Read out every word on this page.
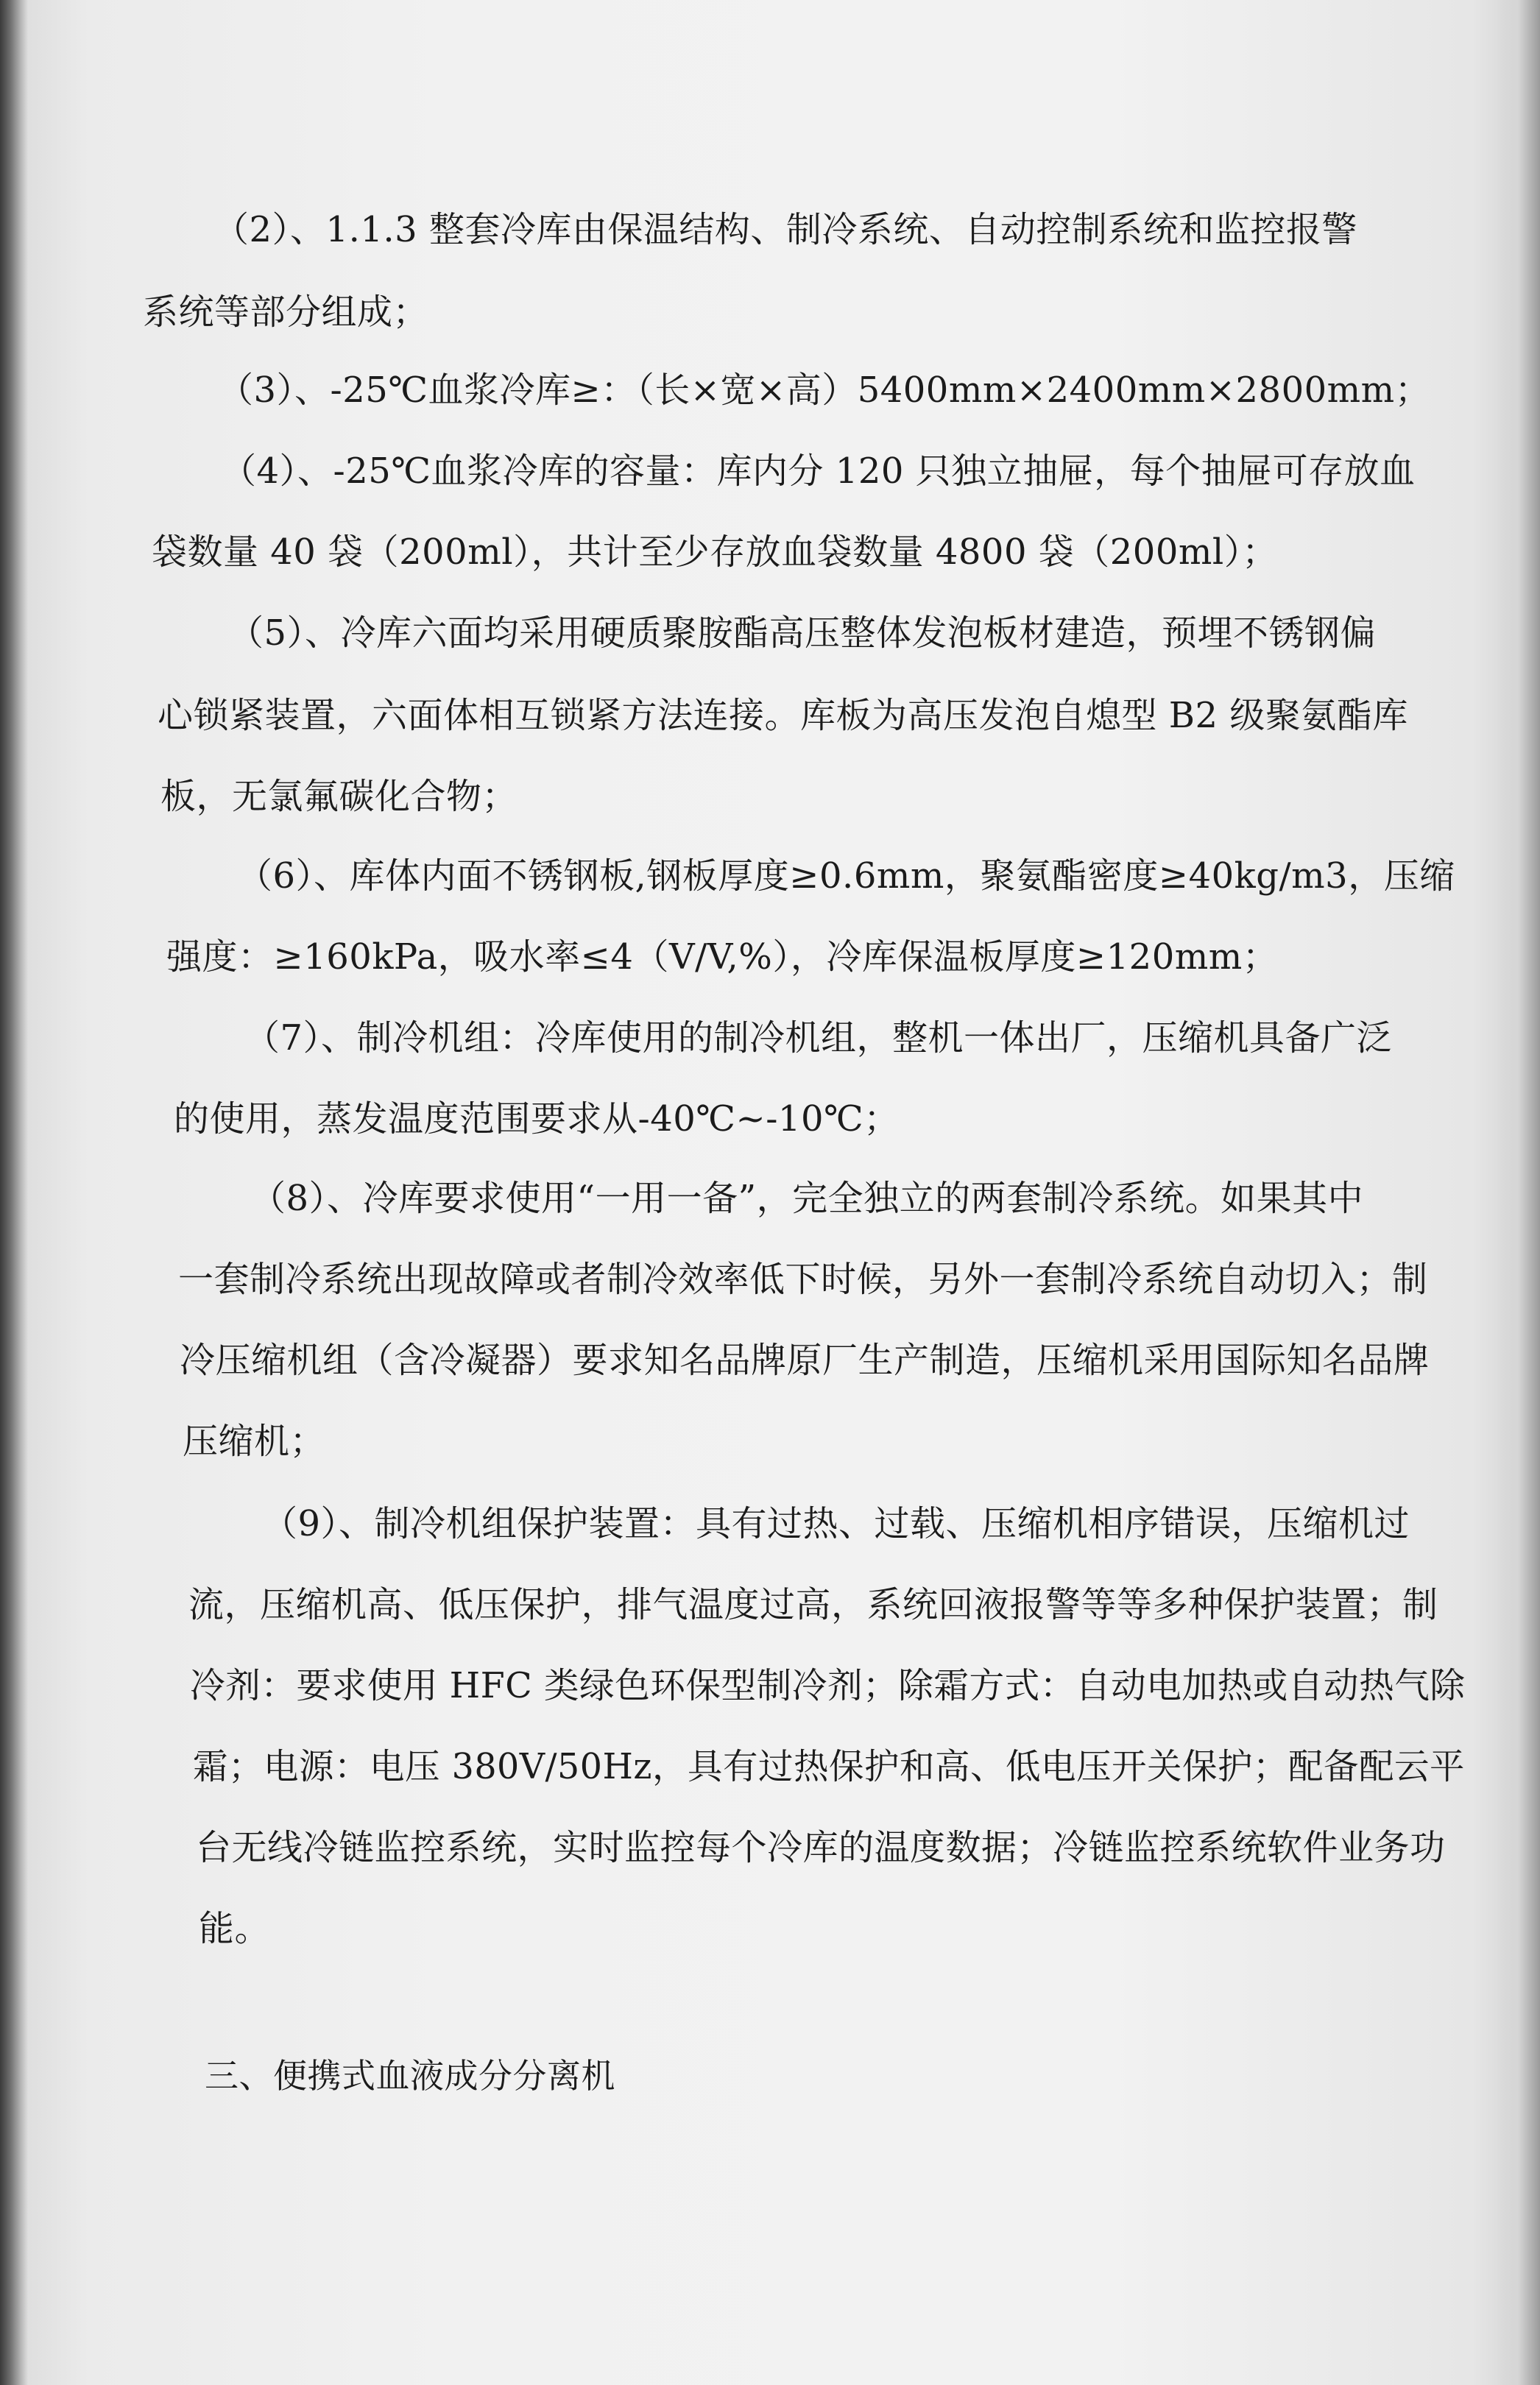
（2）、1.1.3 整套冷库由保温结构、制冷系统、自动控制系统和监控报警
系统等部分组成；
（3）、-25℃血浆冷库≥：（长×宽×高）5400mm×2400mm×2800mm；
（4）、-25℃血浆冷库的容量：库内分 120 只独立抽屉，每个抽屉可存放血
袋数量 40 袋（200ml），共计至少存放血袋数量 4800 袋（200ml）；
（5）、冷库六面均采用硬质聚胺酯高压整体发泡板材建造，预埋不锈钢偏
心锁紧装置，六面体相互锁紧方法连接。库板为高压发泡自熄型 B2 级聚氨酯库
板，无氯氟碳化合物；
（6）、库体内面不锈钢板,钢板厚度≥0.6mm，聚氨酯密度≥40kg/m3，压缩
强度：≥160kPa，吸水率≤4（V/V,%），冷库保温板厚度≥120mm；
（7）、制冷机组：冷库使用的制冷机组，整机一体出厂，压缩机具备广泛
的使用，蒸发温度范围要求从-40℃~-10℃；
（8）、冷库要求使用“一用一备”，完全独立的两套制冷系统。如果其中
一套制冷系统出现故障或者制冷效率低下时候，另外一套制冷系统自动切入；制
冷压缩机组（含冷凝器）要求知名品牌原厂生产制造，压缩机采用国际知名品牌
压缩机；
（9）、制冷机组保护装置：具有过热、过载、压缩机相序错误，压缩机过
流，压缩机高、低压保护，排气温度过高，系统回液报警等等多种保护装置；制
冷剂：要求使用 HFC 类绿色环保型制冷剂；除霜方式：自动电加热或自动热气除
霜；电源：电压 380V/50Hz，具有过热保护和高、低电压开关保护；配备配云平
台无线冷链监控系统，实时监控每个冷库的温度数据；冷链监控系统软件业务功
能。
三、便携式血液成分分离机
